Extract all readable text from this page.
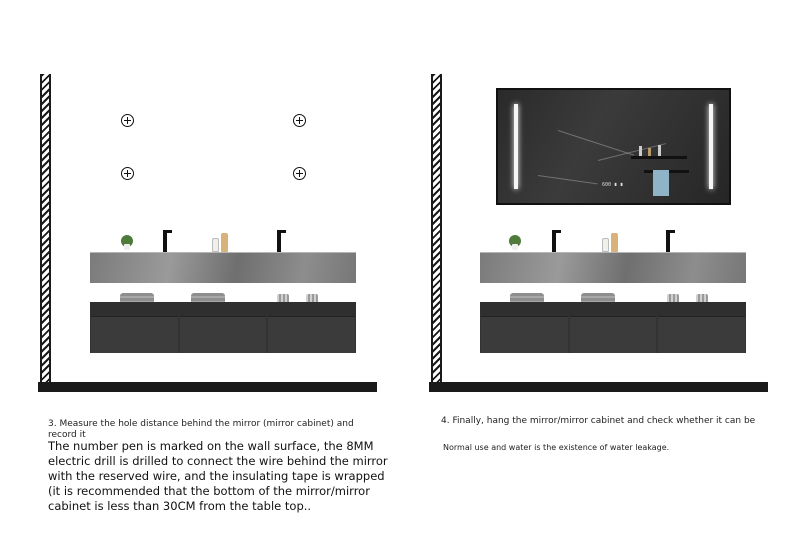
3. Measure the hole distance behind the mirror (mirror cabinet) and record it
The number pen is marked on the wall surface, the 8MM electric drill is drilled to connect the wire behind the mirror with the reserved wire, and the insulating tape is wrapped (it is recommended that the bottom of the mirror/mirror cabinet is less than 30CM from the table top..
600 ∎ ∎
4. Finally, hang the mirror/mirror cabinet and check whether it can be
Normal use and water is the existence of water leakage.
